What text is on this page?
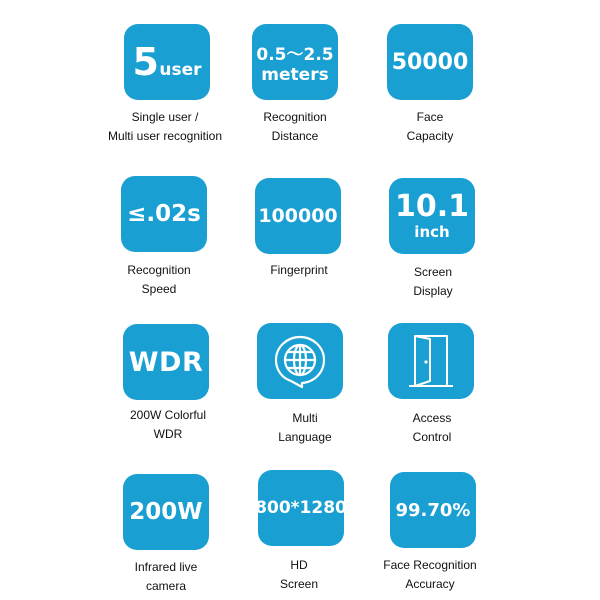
5 user
Single user /
Multi user recognition
0.5～2.5
meters
Recognition
Distance
50000
Face
Capacity
≤.02s
Recognition
Speed
100000
Fingerprint
10.1
inch
Screen
Display
WDR
200W Colorful
WDR
Multi
Language
Access
Control
200W
Infrared live
camera
800*1280
HD
Screen
99.70%
Face Recognition
Accuracy
